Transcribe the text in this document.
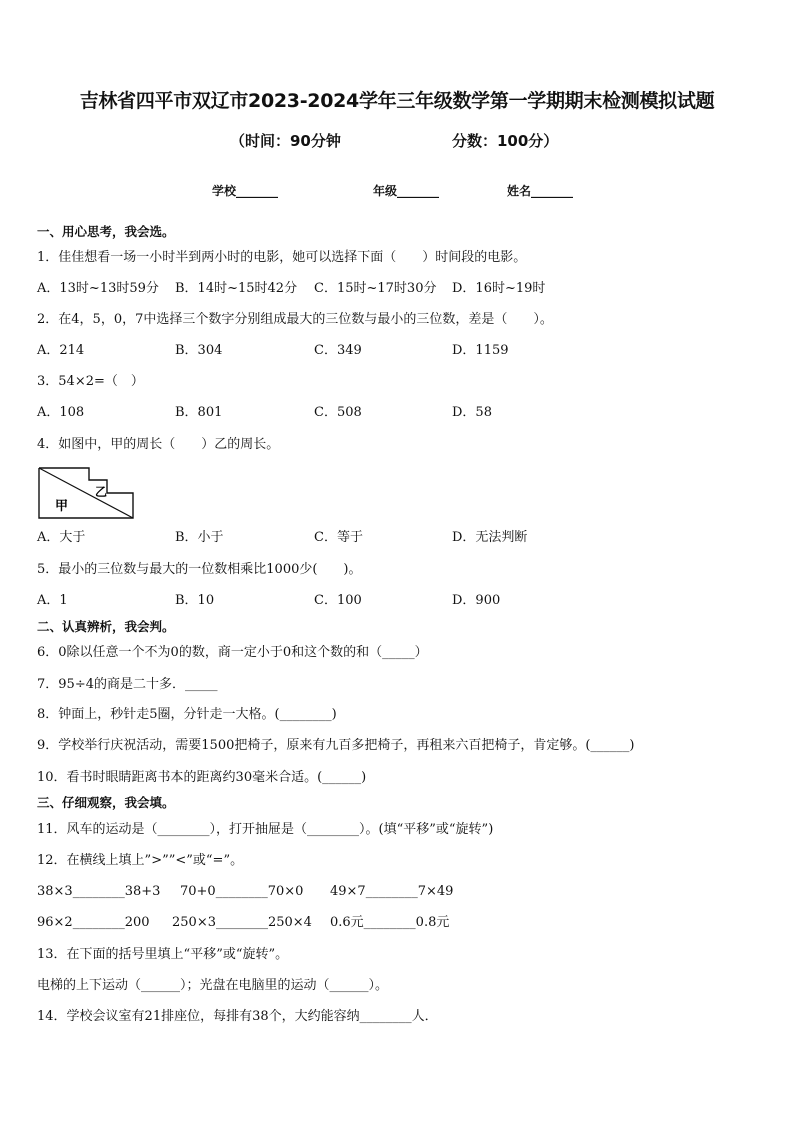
吉林省四平市双辽市2023-2024学年三年级数学第一学期期末检测模拟试题
（时间：90分钟	分数：100分）
学校_______	年级_______	姓名_______
一、用心思考，我会选。
1．佳佳想看一场一小时半到两小时的电影，她可以选择下面（　　）时间段的电影。
A．13时~13时59分 B．14时~15时42分 C．15时~17时30分 D．16时~19时
2．在4，5，0，7中选择三个数字分别组成最大的三位数与最小的三位数，差是（　　）。
A．214	B．304	C．349	D．1159
3．54×2=（　）
A．108	B．801	C．508	D．58
4．如图中，甲的周长（　　）乙的周长。
甲
乙
A．大于	B．小于	C．等于	D．无法判断
5．最小的三位数与最大的一位数相乘比1000少(　　)。
A．1	B．10	C．100	D．900
二、认真辨析，我会判。
6．0除以任意一个不为0的数，商一定小于0和这个数的和（_____）
7．95÷4的商是二十多．_____
8．钟面上，秒针走5圈，分针走一大格。(________)
9．学校举行庆祝活动，需要1500把椅子，原来有九百多把椅子，再租来六百把椅子，肯定够。(______)
10．看书时眼睛距离书本的距离约30毫米合适。(______)
三、仔细观察，我会填。
11．风车的运动是（________），打开抽屉是（________）。(填“平移”或“旋转”)
12．在横线上填上”>””<”或“=”。
38×3________38+3 70+0________70×0 49×7________7×49
96×2________200 250×3________250×4 0.6元________0.8元
13．在下面的括号里填上“平移”或“旋转”。
电梯的上下运动（______）；光盘在电脑里的运动（______）。
14．学校会议室有21排座位，每排有38个，大约能容纳________人．
